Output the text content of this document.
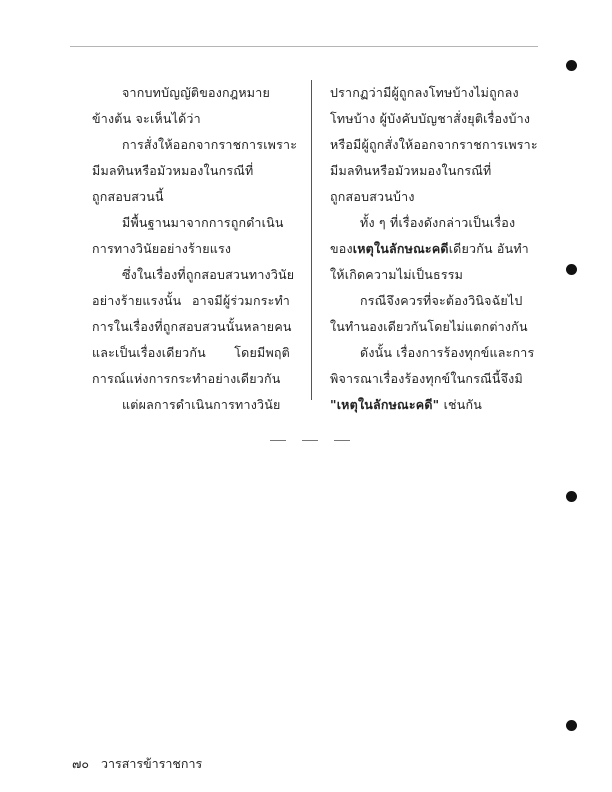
จากบทบัญญัติของกฎหมาย
ข้างต้น จะเห็นได้ว่า
การสั่งให้ออกจากราชการเพราะ
มีมลทินหรือมัวหมองในกรณีที่
ถูกสอบสวนนี้
มีพื้นฐานมาจากการถูกดำเนิน
การทางวินัยอย่างร้ายแรง
ซึ่งในเรื่องที่ถูกสอบสวนทางวินัย
อย่างร้ายแรงนั้น อาจมีผู้ร่วมกระทำ
การในเรื่องที่ถูกสอบสวนนั้นหลายคน
และเป็นเรื่องเดียวกัน โดยมีพฤติ
การณ์แห่งการกระทำอย่างเดียวกัน
แต่ผลการดำเนินการทางวินัย
ปรากฏว่ามีผู้ถูกลงโทษบ้างไม่ถูกลง
โทษบ้าง ผู้บังคับบัญชาสั่งยุติเรื่องบ้าง
หรือมีผู้ถูกสั่งให้ออกจากราชการเพราะ
มีมลทินหรือมัวหมองในกรณีที่
ถูกสอบสวนบ้าง
ทั้ง ๆ ที่เรื่องดังกล่าวเป็นเรื่อง
ของเหตุในลักษณะคดีเดียวกัน อันทำ
ให้เกิดความไม่เป็นธรรม
กรณีจึงควรที่จะต้องวินิจฉัยไป
ในทำนองเดียวกันโดยไม่แตกต่างกัน
ดังนั้น เรื่องการร้องทุกข์และการ
พิจารณาเรื่องร้องทุกข์ในกรณีนี้จึงมิ
"เหตุในลักษณะคดี" เช่นกัน
๗๐ วารสารข้าราชการ
